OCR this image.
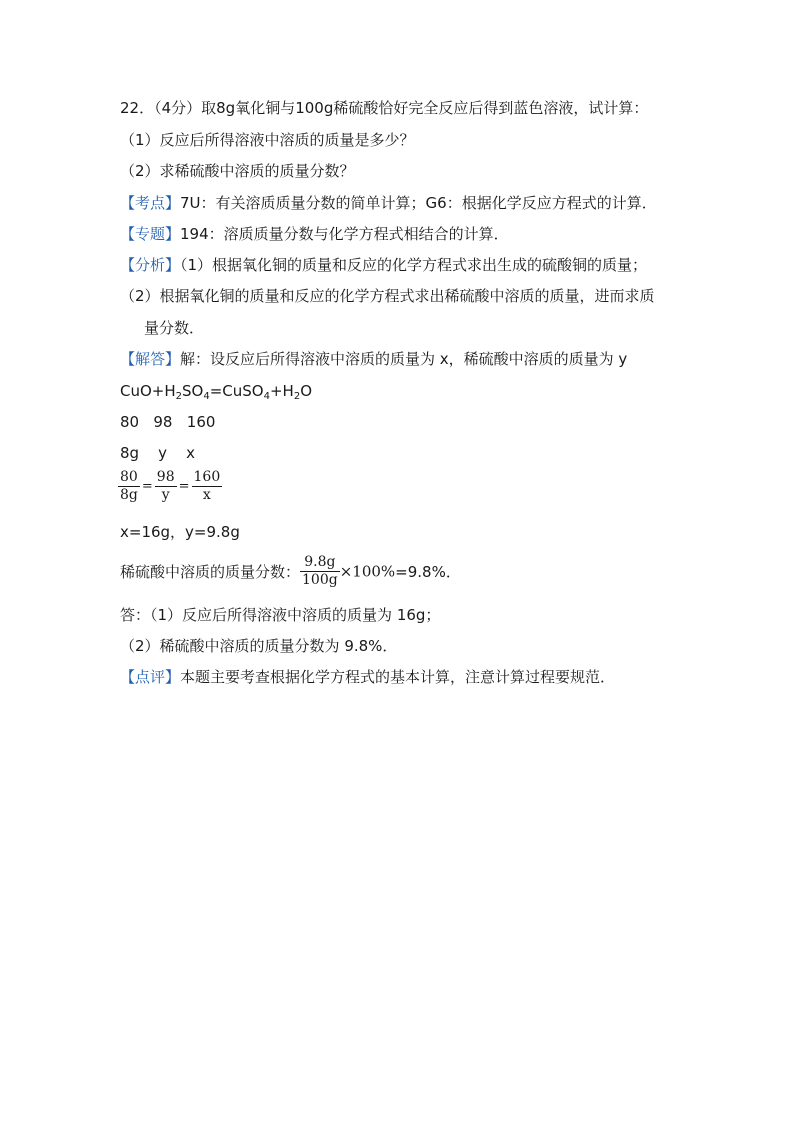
22．（4分）取8g氧化铜与100g稀硫酸恰好完全反应后得到蓝色溶液，试计算：
（1）反应后所得溶液中溶质的质量是多少？
（2）求稀硫酸中溶质的质量分数？
【考点】7U：有关溶质质量分数的简单计算；G6：根据化学反应方程式的计算．
【专题】194：溶质质量分数与化学方程式相结合的计算．
【分析】（1）根据氧化铜的质量和反应的化学方程式求出生成的硫酸铜的质量；
（2）根据氧化铜的质量和反应的化学方程式求出稀硫酸中溶质的质量，进而求质
量分数．
【解答】解：设反应后所得溶液中溶质的质量为 x，稀硫酸中溶质的质量为 y
$CuO+H_2SO_4=CuSO_4+H_2O$
80   98   160
8g    y    x
$\frac{80}{8g} = \frac{98}{y} = \frac{160}{x}$
x=16g，y=9.8g
稀硫酸中溶质的质量分数： $\frac{9.8g}{100g} \times 100\%=9.8\%$．
答：（1）反应后所得溶液中溶质的质量为 16g；
（2）稀硫酸中溶质的质量分数为 9.8%．
【点评】本题主要考查根据化学方程式的基本计算，注意计算过程要规范．
